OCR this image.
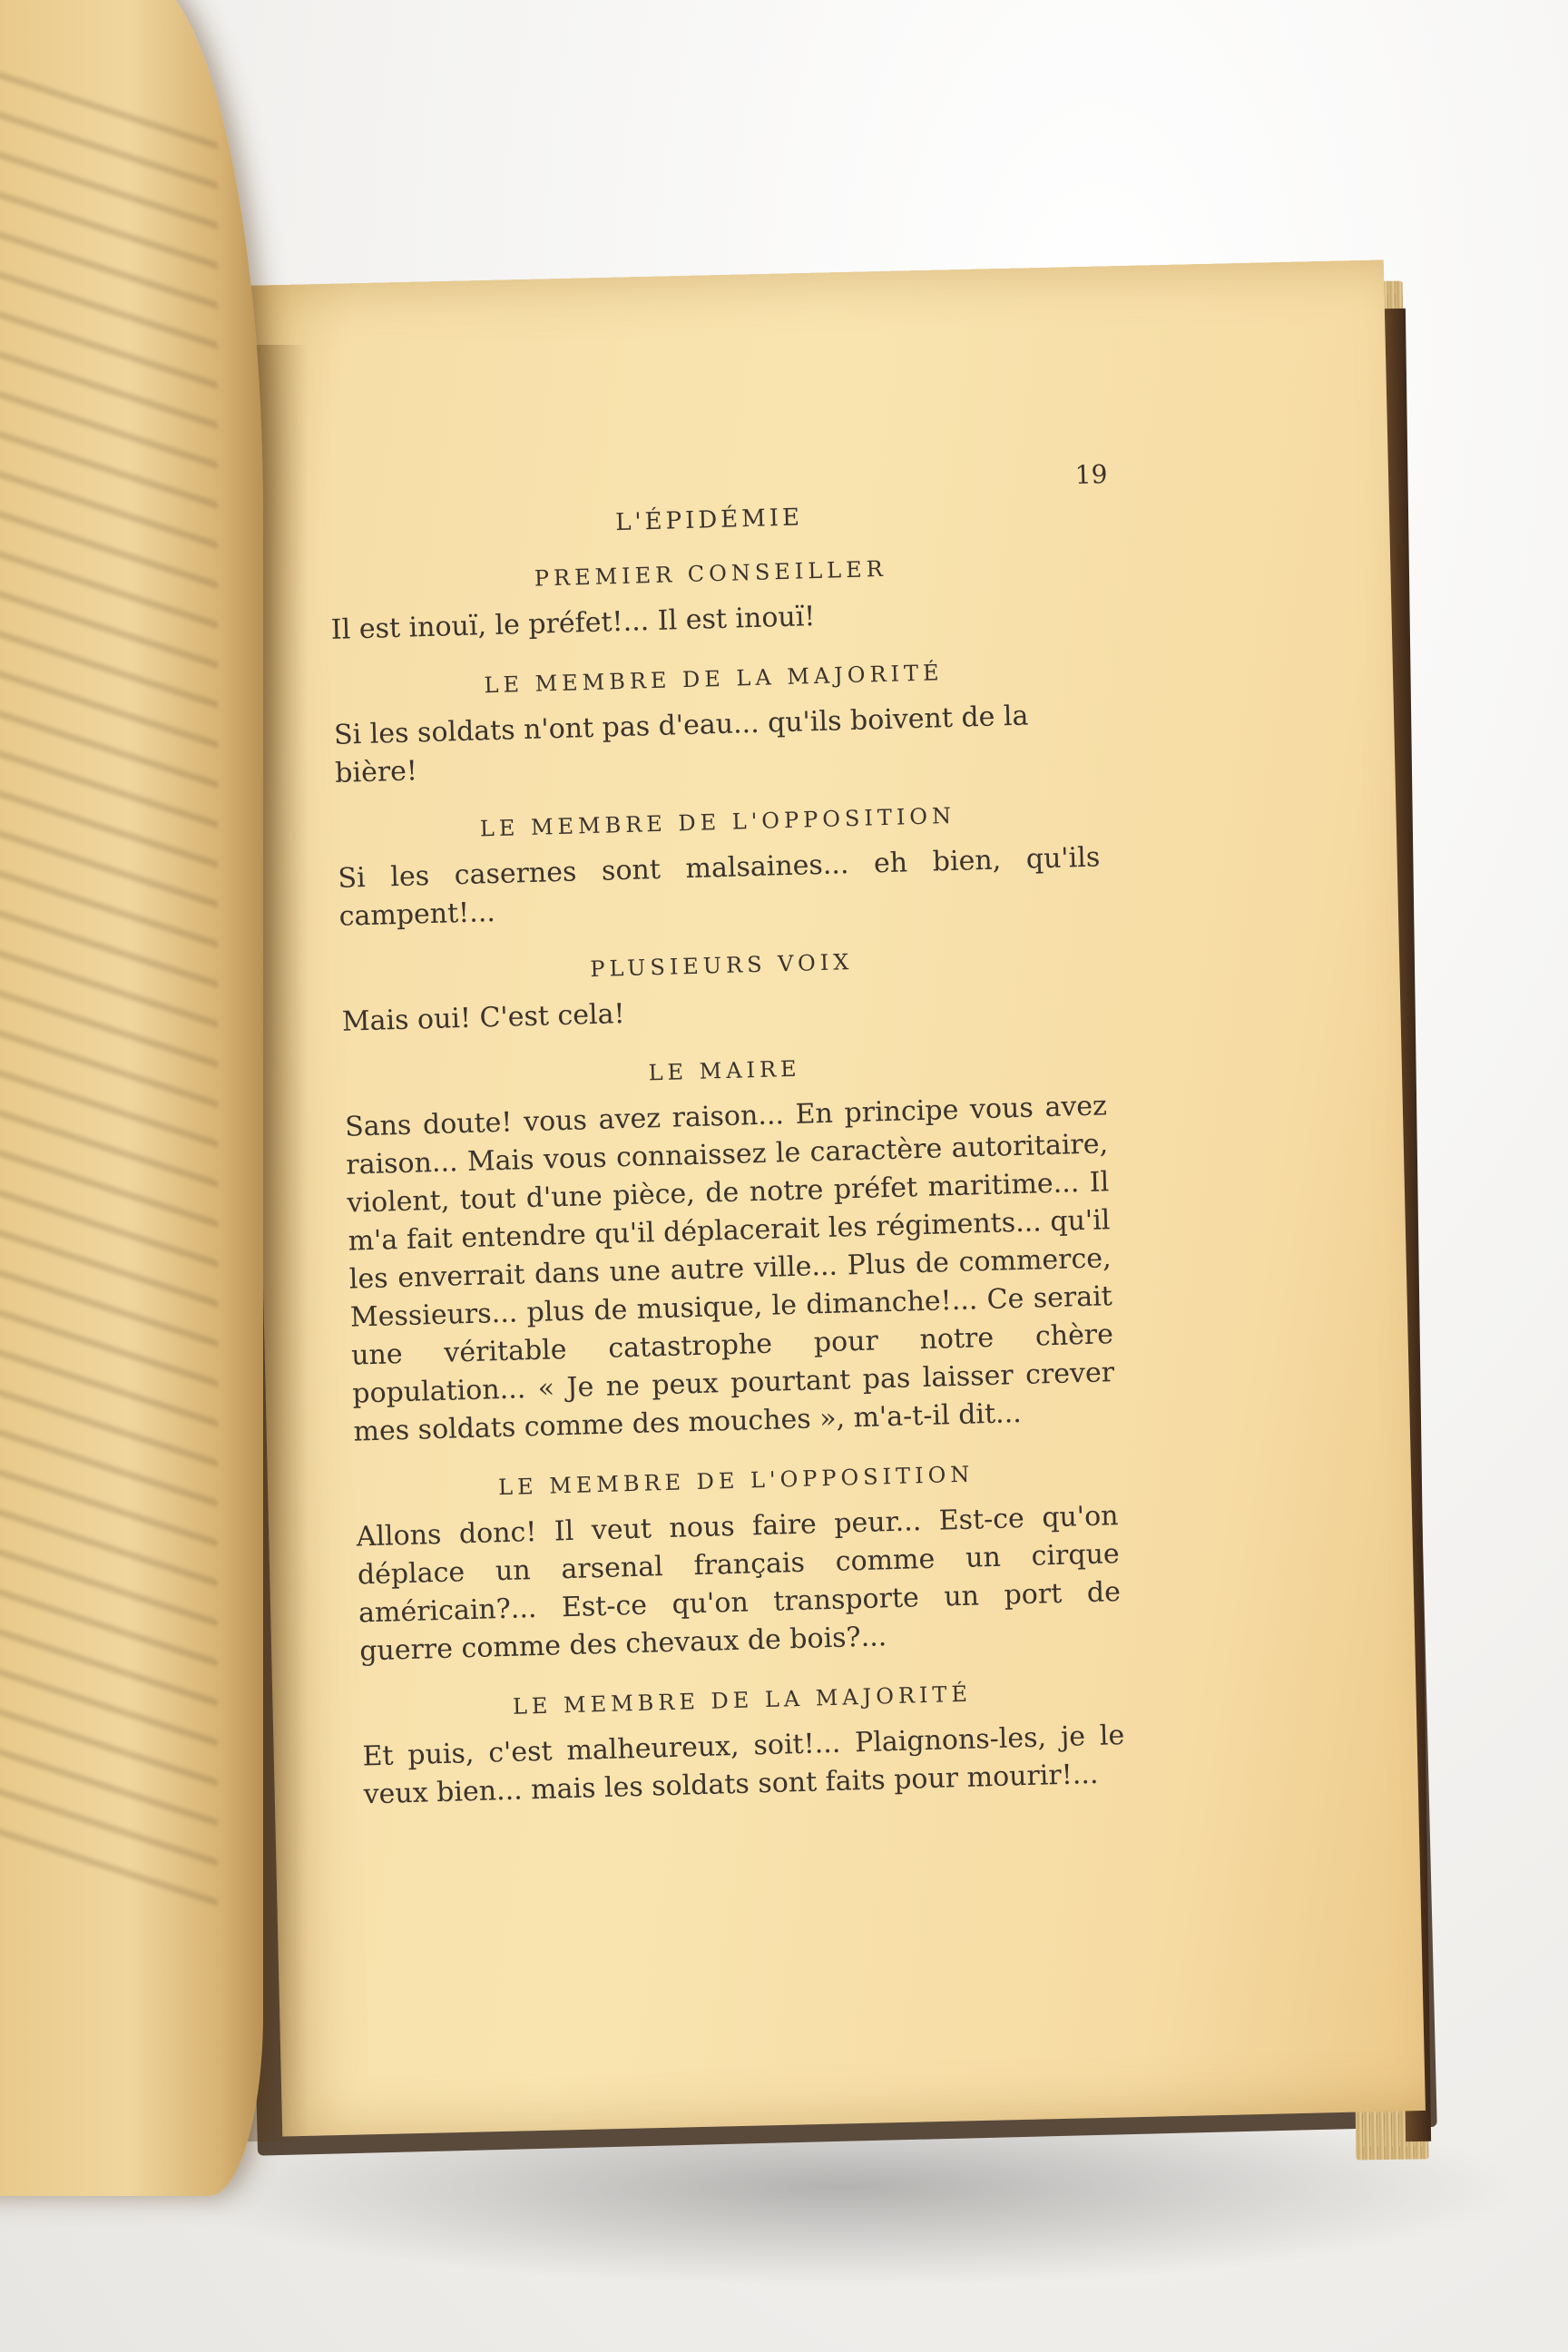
L'ÉPIDÉMIE
19
PREMIER CONSEILLER

Il est inouï, le préfet!... Il est inouï!

LE MEMBRE DE LA MAJORITÉ

Si les soldats n'ont pas d'eau... qu'ils boivent de la bière!

LE MEMBRE DE L'OPPOSITION

Si les casernes sont malsaines... eh bien, qu'ils campent!...

PLUSIEURS VOIX

Mais oui! C'est cela!

LE MAIRE

Sans doute! vous avez raison... En principe vous avez raison... Mais vous connaissez le caractère autoritaire, violent, tout d'une pièce, de notre préfet maritime... Il m'a fait entendre qu'il déplacerait les régiments... qu'il les enverrait dans une autre ville... Plus de commerce, Messieurs... plus de musique, le dimanche!... Ce serait une véritable catastrophe pour notre chère population... « Je ne peux pourtant pas laisser crever mes soldats comme des mouches », m'a-t-il dit...

LE MEMBRE DE L'OPPOSITION

Allons donc! Il veut nous faire peur... Est-ce qu'on déplace un arsenal français comme un cirque américain?... Est-ce qu'on transporte un port de guerre comme des chevaux de bois?...

LE MEMBRE DE LA MAJORITÉ

Et puis, c'est malheureux, soit!... Plaignons-les, je le veux bien... mais les soldats sont faits pour mourir!...
